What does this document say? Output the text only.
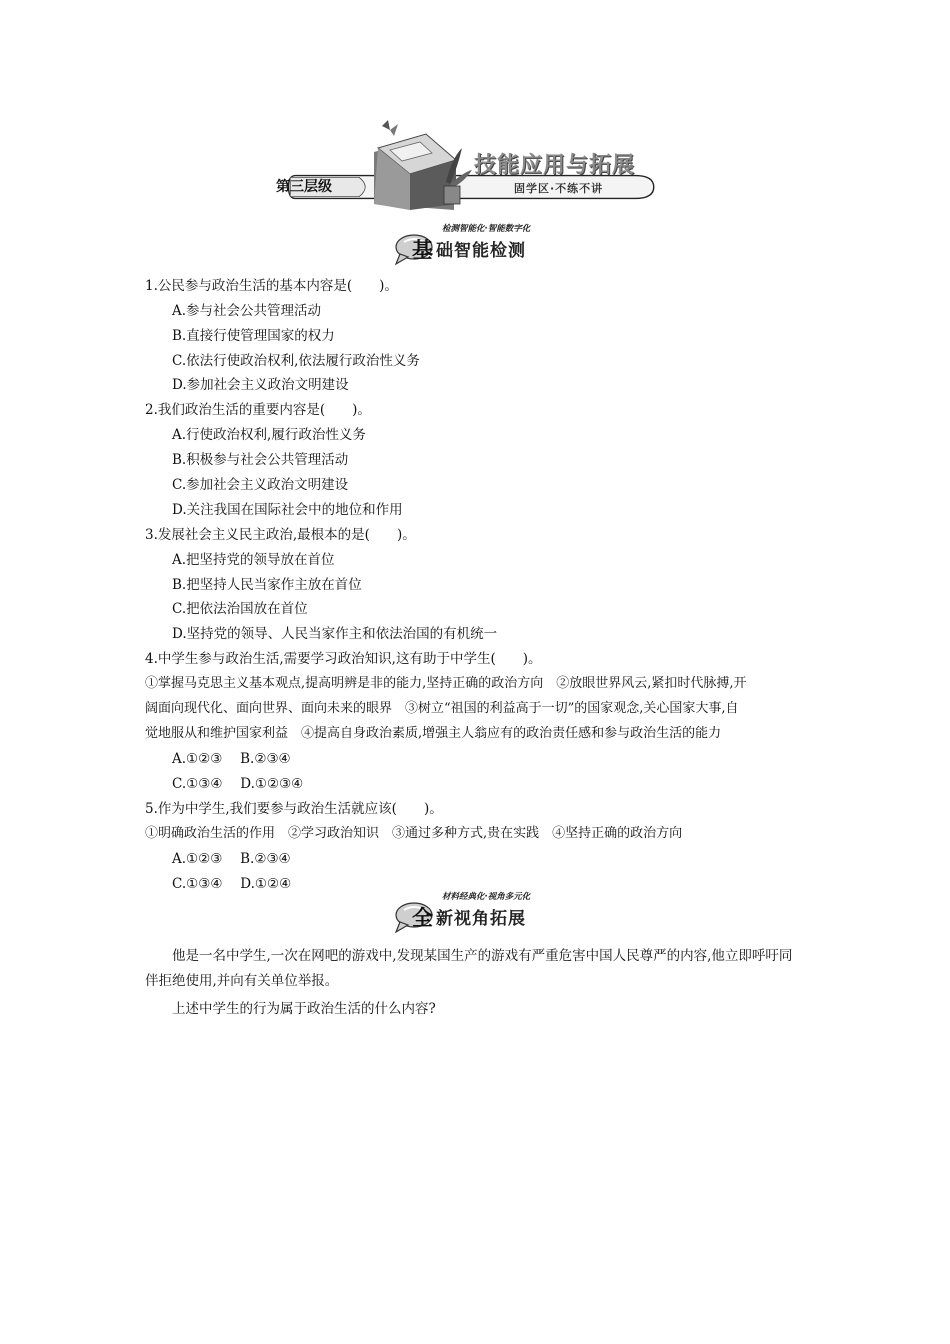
第三层级
技能应用与拓展
固学区·不练不讲
检测智能化·智能数字化
基 础智能检测
1.公民参与政治生活的基本内容是(　　)。
A.参与社会公共管理活动
B.直接行使管理国家的权力
C.依法行使政治权利,依法履行政治性义务
D.参加社会主义政治文明建设
2.我们政治生活的重要内容是(　　)。
A.行使政治权利,履行政治性义务
B.积极参与社会公共管理活动
C.参加社会主义政治文明建设
D.关注我国在国际社会中的地位和作用
3.发展社会主义民主政治,最根本的是(　　)。
A.把坚持党的领导放在首位
B.把坚持人民当家作主放在首位
C.把依法治国放在首位
D.坚持党的领导、人民当家作主和依法治国的有机统一
4.中学生参与政治生活,需要学习政治知识,这有助于中学生(　　)。
①掌握马克思主义基本观点,提高明辨是非的能力,坚持正确的政治方向　②放眼世界风云,紧扣时代脉搏,开
阔面向现代化、面向世界、面向未来的眼界　③树立“祖国的利益高于一切”的国家观念,关心国家大事,自
觉地服从和维护国家利益　④提高自身政治素质,增强主人翁应有的政治责任感和参与政治生活的能力
A.①②③　 B.②③④
C.①③④　 D.①②③④
5.作为中学生,我们要参与政治生活就应该(　　)。
①明确政治生活的作用　②学习政治知识　③通过多种方式,贵在实践　④坚持正确的政治方向
A.①②③　 B.②③④
C.①③④　 D.①②④
材料经典化·视角多元化
全 新视角拓展
他是一名中学生,一次在网吧的游戏中,发现某国生产的游戏有严重危害中国人民尊严的内容,他立即呼吁同伴拒绝使用,并向有关单位举报。
上述中学生的行为属于政治生活的什么内容?
